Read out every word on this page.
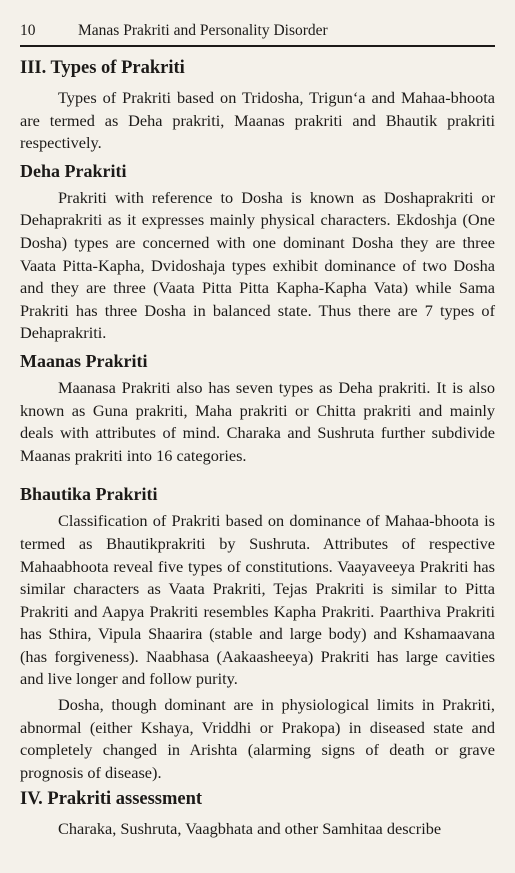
10	Manas Prakriti and Personality Disorder
III. Types of Prakriti

Types of Prakriti based on Tridosha, Trigun‘a and Mahaa-bhoota are termed as Deha prakriti, Maanas prakriti and Bhautik prakriti respectively.

Deha Prakriti

Prakriti with reference to Dosha is known as Doshaprakriti or Dehaprakriti as it expresses mainly physical characters. Ekdoshja (One Dosha) types are concerned with one dominant Dosha they are three Vaata Pitta-Kapha, Dvidoshaja types exhibit dominance of two Dosha and they are three (Vaata Pitta Pitta Kapha-Kapha Vata) while Sama Prakriti has three Dosha in balanced state. Thus there are 7 types of Dehaprakriti.

Maanas Prakriti

Maanasa Prakriti also has seven types as Deha prakriti. It is also known as Guna prakriti, Maha prakriti or Chitta prakriti and mainly deals with attributes of mind. Charaka and Sushruta further subdivide Maanas prakriti into 16 categories.

Bhautika Prakriti

Classification of Prakriti based on dominance of Mahaa-bhoota is termed as Bhautikprakriti by Sushruta. Attributes of respective Mahaabhoota reveal five types of constitutions. Vaayaveeya Prakriti has similar characters as Vaata Prakriti, Tejas Prakriti is similar to Pitta Prakriti and Aapya Prakriti resembles Kapha Prakriti. Paarthiva Prakriti has Sthira, Vipula Shaarira (stable and large body) and Kshamaavana (has forgiveness). Naabhasa (Aakaasheeya) Prakriti has large cavities and live longer and follow purity.

Dosha, though dominant are in physiological limits in Prakriti, abnormal (either Kshaya, Vriddhi or Prakopa) in diseased state and completely changed in Arishta (alarming signs of death or grave prognosis of disease).

IV. Prakriti assessment

Charaka, Sushruta, Vaagbhata and other Samhitaa describe
